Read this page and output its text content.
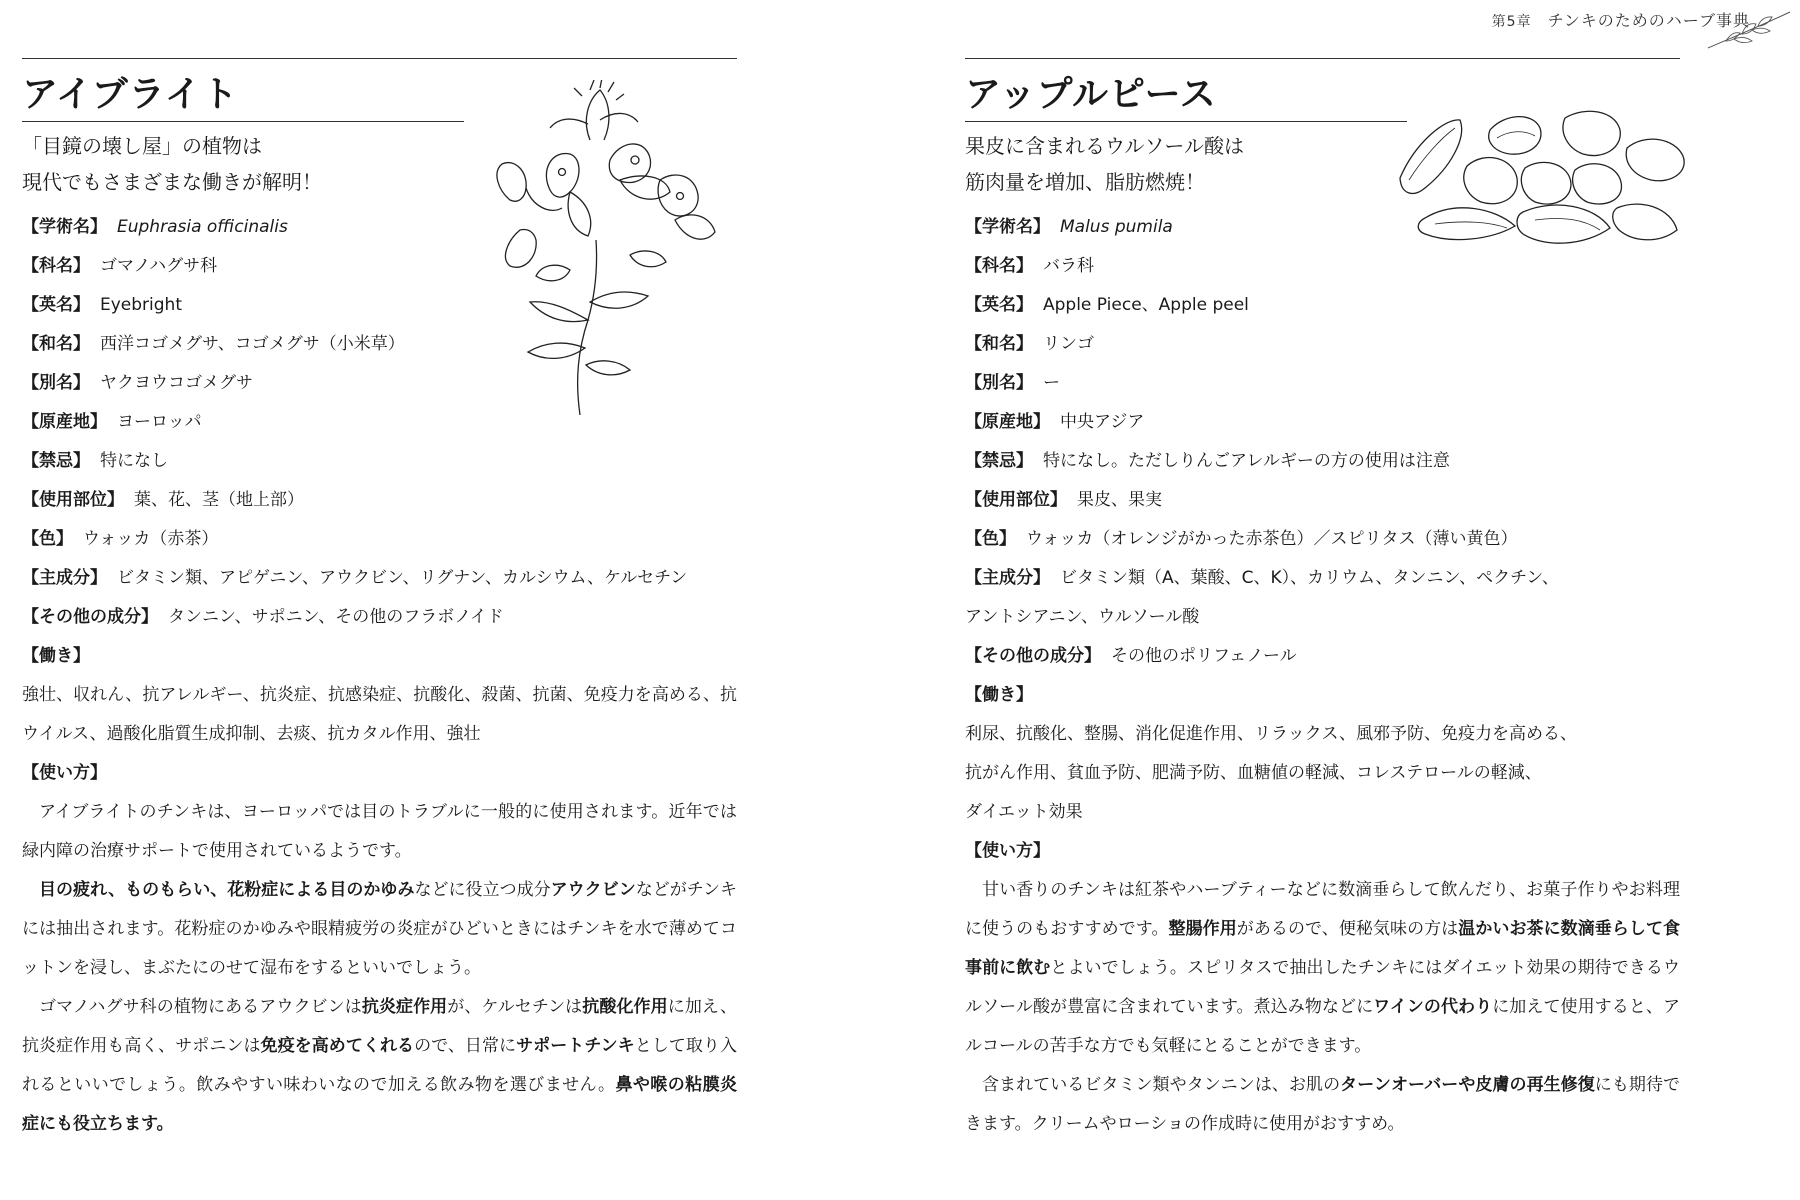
第5章 チンキのためのハーブ事典
アイブライト
「目鏡の壊し屋」の植物は
現代でもさまざまな働きが解明！
【学術名】 Euphrasia officinalis
【科名】 ゴマノハグサ科
【英名】 Eyebright
【和名】 西洋コゴメグサ、コゴメグサ（小米草）
【別名】 ヤクヨウコゴメグサ
【原産地】 ヨーロッパ
【禁忌】 特になし
【使用部位】 葉、花、茎（地上部）
【色】 ウォッカ（赤茶）
【主成分】 ビタミン類、アピゲニン、アウクビン、リグナン、カルシウム、ケルセチン
【その他の成分】 タンニン、サポニン、その他のフラボノイド
【働き】
強壮、収れん、抗アレルギー、抗炎症、抗感染症、抗酸化、殺菌、抗菌、免疫力を高める、抗ウイルス、過酸化脂質生成抑制、去痰、抗カタル作用、強壮
【使い方】
アイブライトのチンキは、ヨーロッパでは目のトラブルに一般的に使用されます。近年では緑内障の治療サポートで使用されているようです。
目の疲れ、ものもらい、花粉症による目のかゆみなどに役立つ成分アウクビンなどがチンキには抽出されます。花粉症のかゆみや眼精疲労の炎症がひどいときにはチンキを水で薄めてコットンを浸し、まぶたにのせて湿布をするといいでしょう。
ゴマノハグサ科の植物にあるアウクビンは抗炎症作用が、ケルセチンは抗酸化作用に加え、抗炎症作用も高く、サポニンは免疫を高めてくれるので、日常にサポートチンキとして取り入れるといいでしょう。飲みやすい味わいなので加える飲み物を選びません。鼻や喉の粘膜炎症にも役立ちます。
アップルピース
果皮に含まれるウルソール酸は
筋肉量を増加、脂肪燃焼！
【学術名】 Malus pumila
【科名】 バラ科
【英名】 Apple Piece、Apple peel
【和名】 リンゴ
【別名】 ー
【原産地】 中央アジア
【禁忌】 特になし。ただしりんごアレルギーの方の使用は注意
【使用部位】 果皮、果実
【色】 ウォッカ（オレンジがかった赤茶色）／スピリタス（薄い黄色）
【主成分】 ビタミン類（A、葉酸、C、K）、カリウム、タンニン、ペクチン、
アントシアニン、ウルソール酸
【その他の成分】 その他のポリフェノール
【働き】
利尿、抗酸化、整腸、消化促進作用、リラックス、風邪予防、免疫力を高める、
抗がん作用、貧血予防、肥満予防、血糖値の軽減、コレステロールの軽減、
ダイエット効果
【使い方】
甘い香りのチンキは紅茶やハーブティーなどに数滴垂らして飲んだり、お菓子作りやお料理に使うのもおすすめです。整腸作用があるので、便秘気味の方は温かいお茶に数滴垂らして食事前に飲むとよいでしょう。スピリタスで抽出したチンキにはダイエット効果の期待できるウルソール酸が豊富に含まれています。煮込み物などにワインの代わりに加えて使用すると、アルコールの苦手な方でも気軽にとることができます。
含まれているビタミン類やタンニンは、お肌のターンオーバーや皮膚の再生修復にも期待できます。クリームやローショの作成時に使用がおすすめ。
